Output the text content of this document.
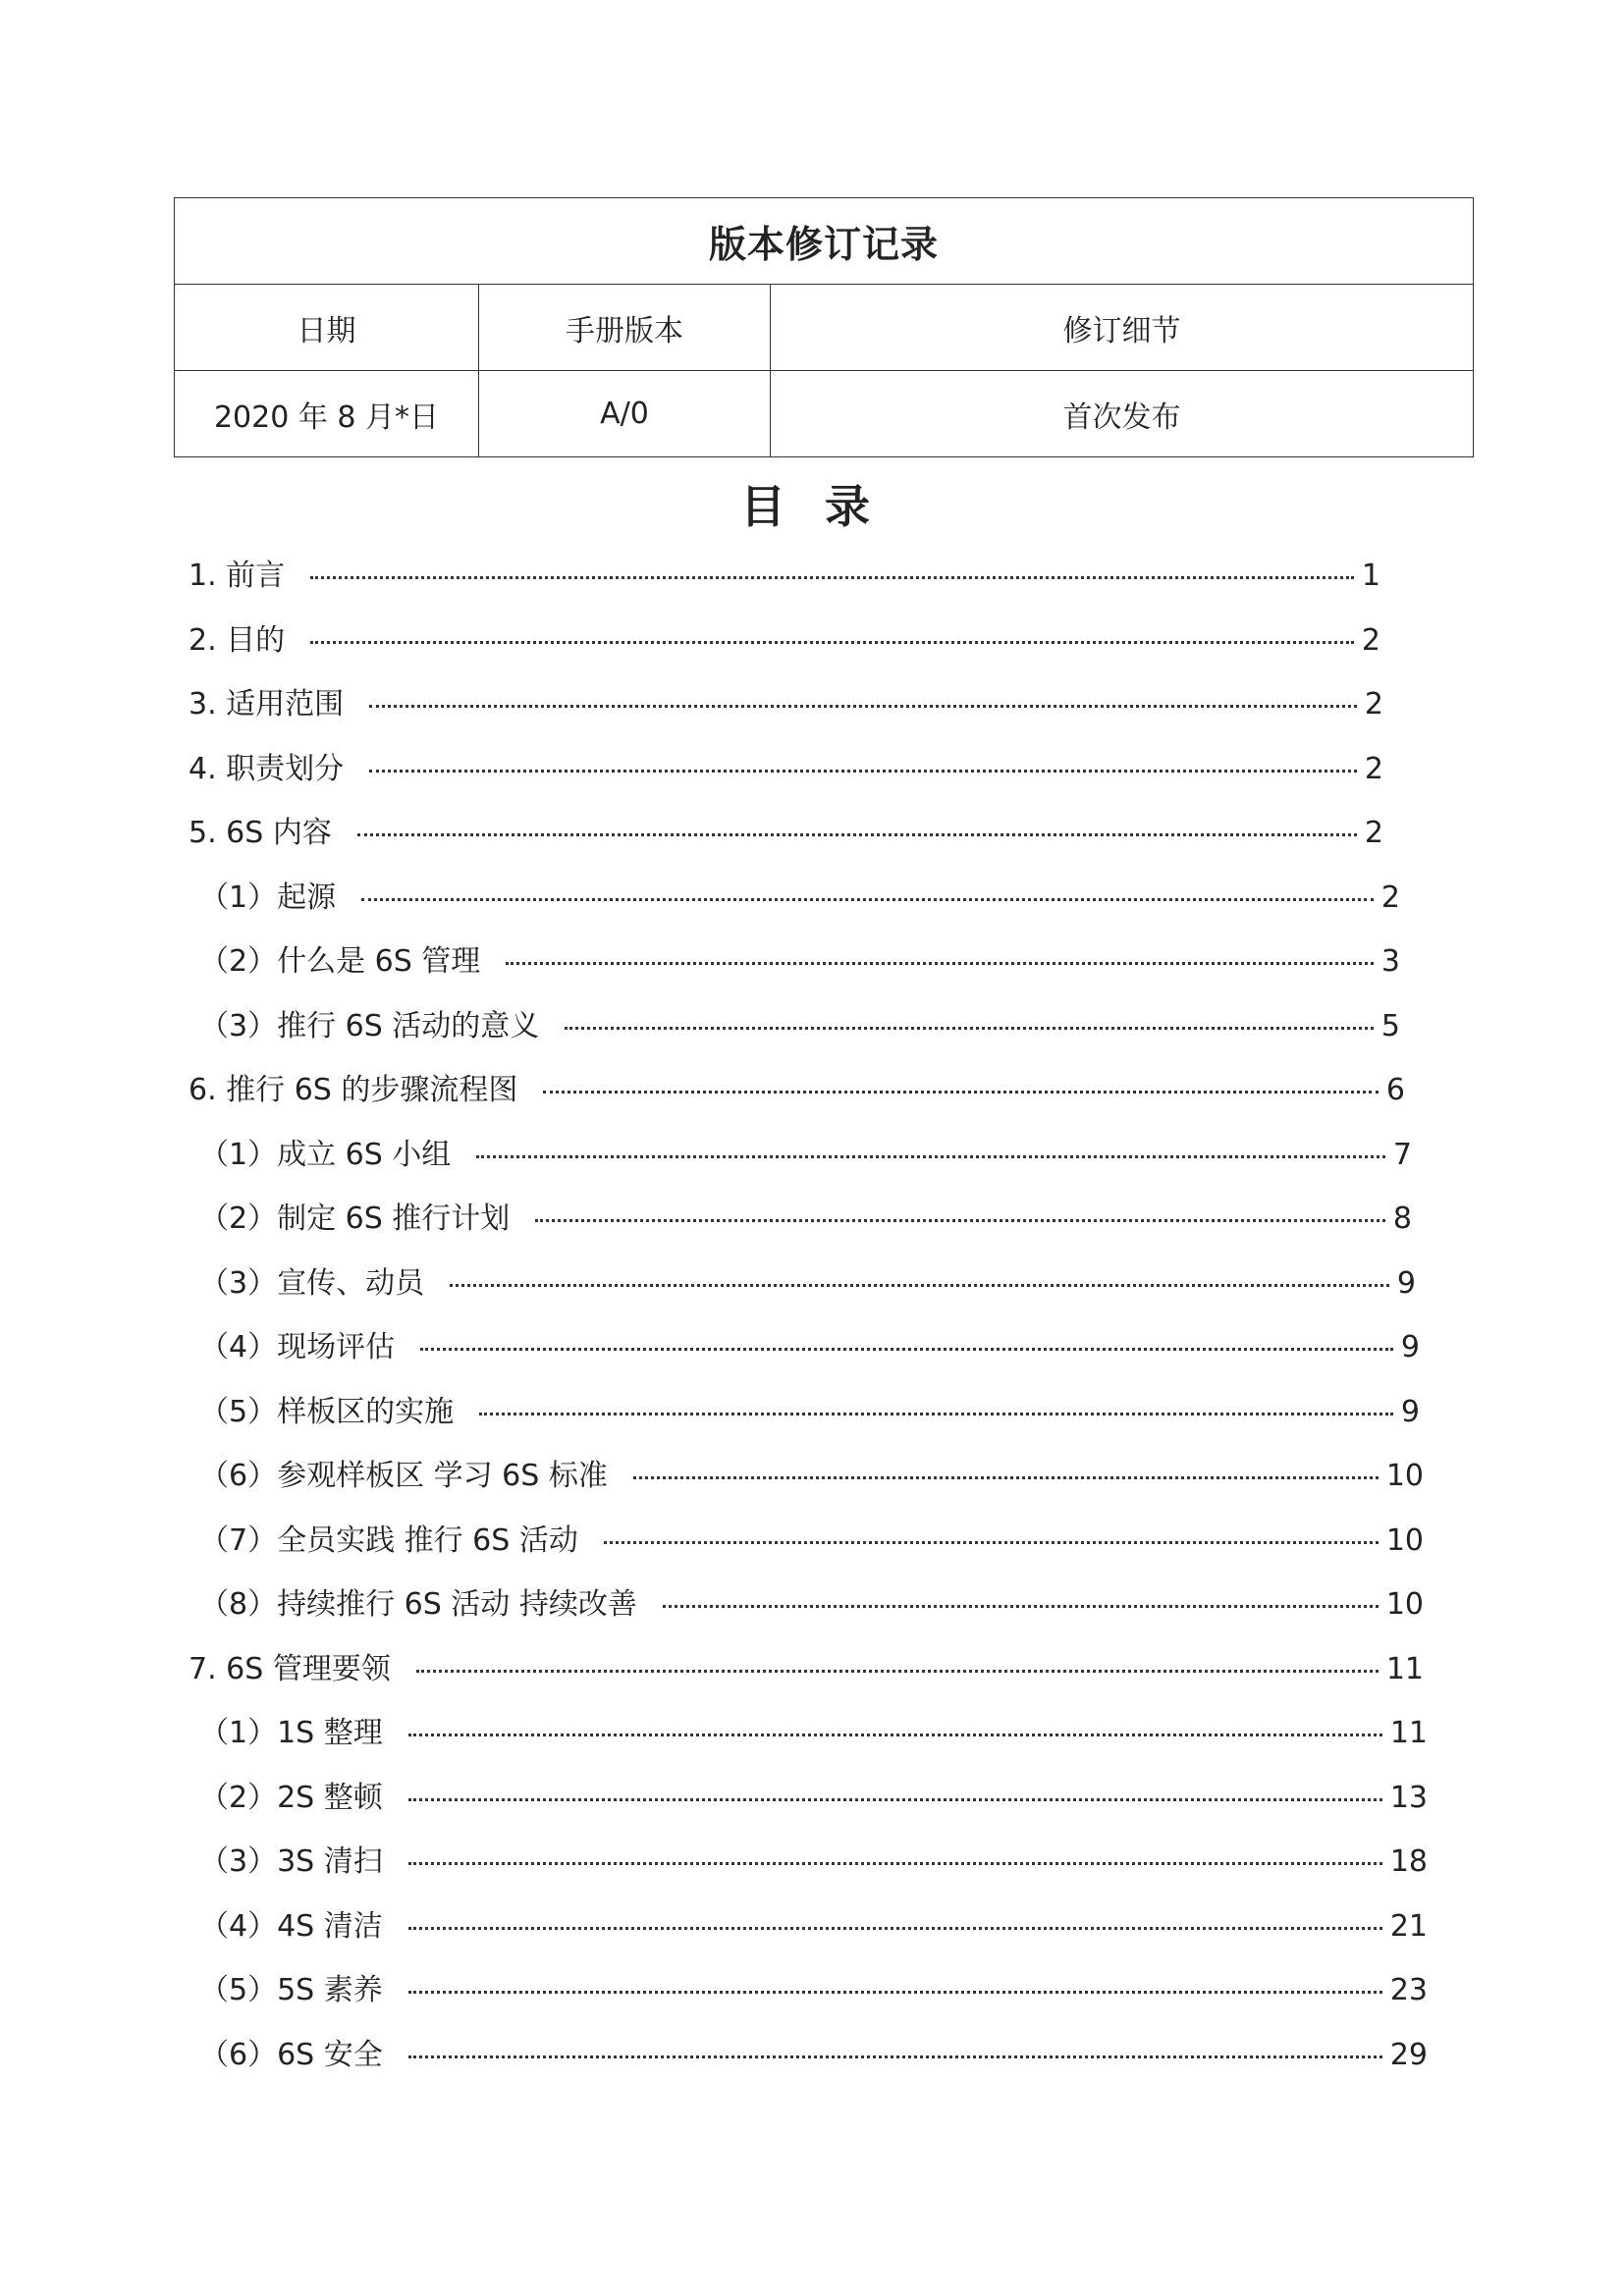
版本修订记录		
日期	手册版本	修订细节
2020 年 8 月*日	A/0	首次发布
目录
1. 前言	1
2. 目的	2
3. 适用范围	2
4. 职责划分	2
5. 6S 内容	2
（1）起源	2
（2）什么是 6S 管理	3
（3）推行 6S 活动的意义	5
6. 推行 6S 的步骤流程图	6
（1）成立 6S 小组	7
（2）制定 6S 推行计划	8
（3）宣传、动员	9
（4）现场评估	9
（5）样板区的实施	9
（6）参观样板区 学习 6S 标准	10
（7）全员实践 推行 6S 活动	10
（8）持续推行 6S 活动 持续改善	10
7. 6S 管理要领	11
（1）1S 整理	11
（2）2S 整顿	13
（3）3S 清扫	18
（4）4S 清洁	21
（5）5S 素养	23
（6）6S 安全	29
